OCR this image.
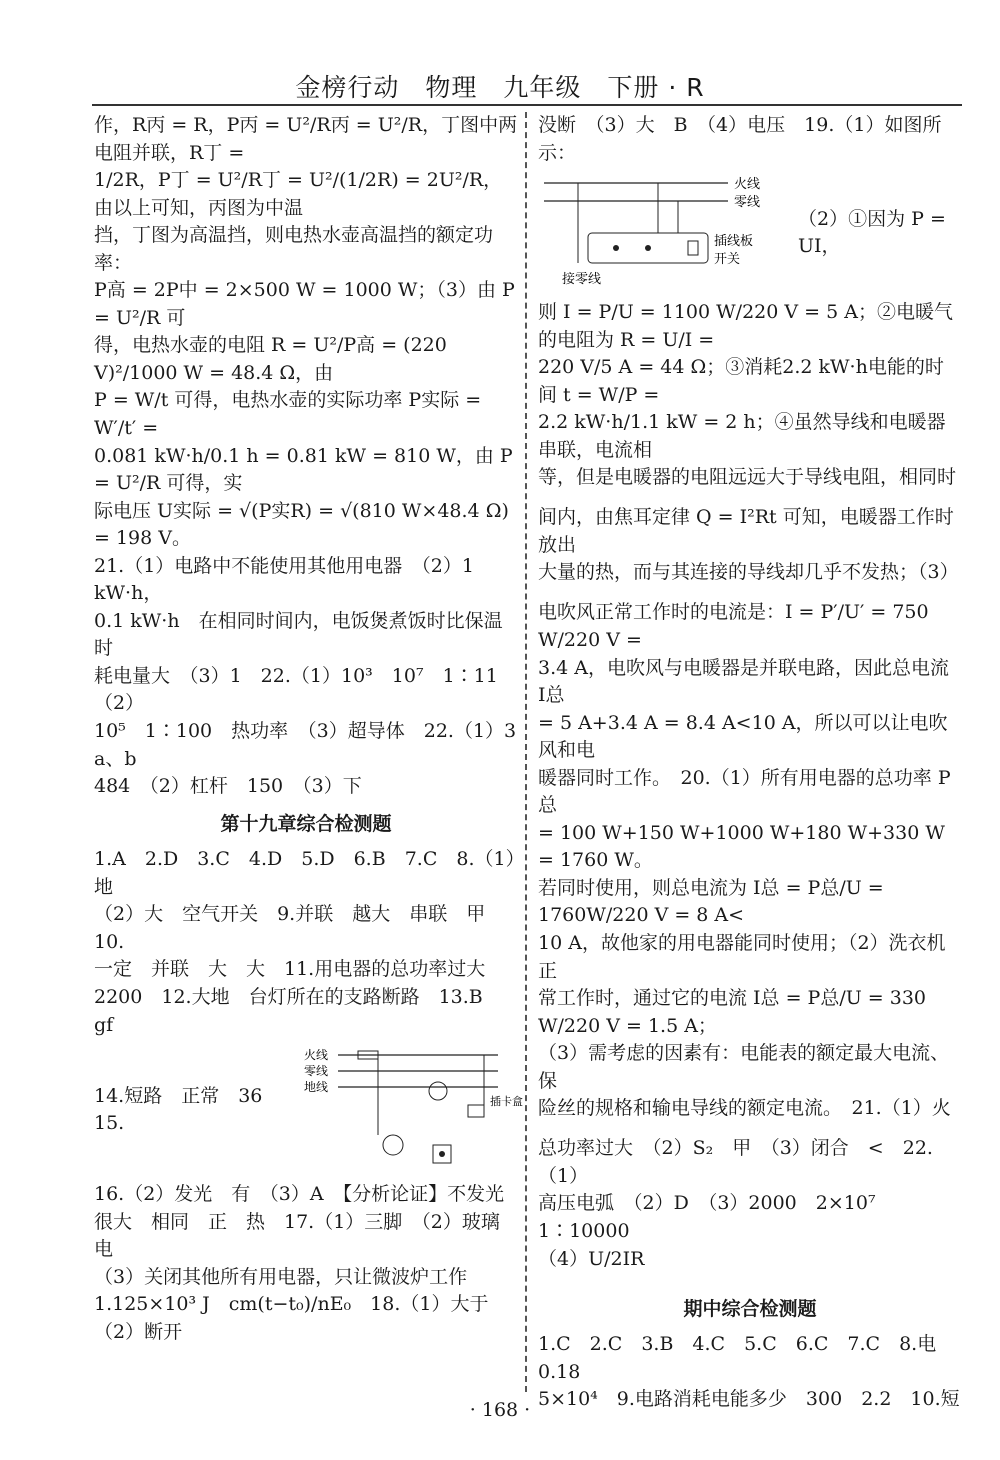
金榜行动　物理　九年级　下册 · R

作，R丙 = R，P丙 = U²/R丙 = U²/R，丁图中两电阻并联，R丁 =

1/2R，P丁 = U²/R丁 = U²/(1/2R) = 2U²/R，由以上可知，丙图为中温

挡，丁图为高温挡，则电热水壶高温挡的额定功率：

P高 = 2P中 = 2×500 W = 1000 W；（3）由 P = U²/R 可

得，电热水壶的电阻 R = U²/P高 = (220 V)²/1000 W = 48.4 Ω，由

P = W/t 可得，电热水壶的实际功率 P实际 = W′/t′ =

0.081 kW·h/0.1 h = 0.81 kW = 810 W，由 P = U²/R 可得，实

际电压 U实际 = √(P实R) = √(810 W×48.4 Ω) = 198 V。

21.（1）电路中不能使用其他用电器　（2）1 kW·h，

0.1 kW·h　在相同时间内，电饭煲煮饭时比保温时

耗电量大　（3）1　22.（1）10³　10⁷　1∶11　（2）

10⁵　1∶100　热功率　（3）超导体　22.（1）3　a、b

484　（2）杠杆　150　（3）下

第十九章综合检测题

1.A　2.D　3.C　4.D　5.D　6.B　7.C　8.（1）地

（2）大　空气开关　9.并联　越大　串联　甲　10.

一定　并联　大　大　11.用电器的总功率过大

2200　12.大地　台灯所在的支路断路　13.B　gf

14.短路　正常　36　15.
火线
零线
地线
插卡盒

16.（2）发光　有　（3）A　【分析论证】不发光

很大　相同　正　热　17.（1）三脚　（2）玻璃　电

（3）关闭其他所有用电器，只让微波炉工作

1.125×10³ J　cm(t−t₀)/nE₀　18.（1）大于　（2）断开

没断　（3）大　B　（4）电压　19.（1）如图所示：

火线
零线
插线板
开关
接零线
（2）①因为 P = UI，

则 I = P/U = 1100 W/220 V = 5 A；②电暖气的电阻为 R = U/I =

220 V/5 A = 44 Ω；③消耗2.2 kW·h电能的时间 t = W/P =

2.2 kW·h/1.1 kW = 2 h；④虽然导线和电暖器串联，电流相

等，但是电暖器的电阻远远大于导线电阻，相同时

间内，由焦耳定律 Q = I²Rt 可知，电暖器工作时放出

大量的热，而与其连接的导线却几乎不发热；（3）

电吹风正常工作时的电流是：I = P′/U′ = 750 W/220 V =

3.4 A，电吹风与电暖器是并联电路，因此总电流 I总

= 5 A+3.4 A = 8.4 A<10 A，所以可以让电吹风和电

暖器同时工作。　20.（1）所有用电器的总功率 P总

= 100 W+150 W+1000 W+180 W+330 W = 1760 W。

若同时使用，则总电流为 I总 = P总/U = 1760W/220 V = 8 A<

10 A，故他家的用电器能同时使用；（2）洗衣机正

常工作时，通过它的电流 I总 = P总/U = 330 W/220 V = 1.5 A；

（3）需考虑的因素有：电能表的额定最大电流、保

险丝的规格和输电导线的额定电流。　21.（1）火

总功率过大　（2）S₂　甲　（3）闭合　<　22.（1）

高压电弧　（2）D　（3）2000　2×10⁷　1∶10000

（4）U/2IR

期中综合检测题

1.C　2.C　3.B　4.C　5.C　6.C　7.C　8.电　0.18

5×10⁴　9.电路消耗电能多少　300　2.2　10.短

· 168 ·
